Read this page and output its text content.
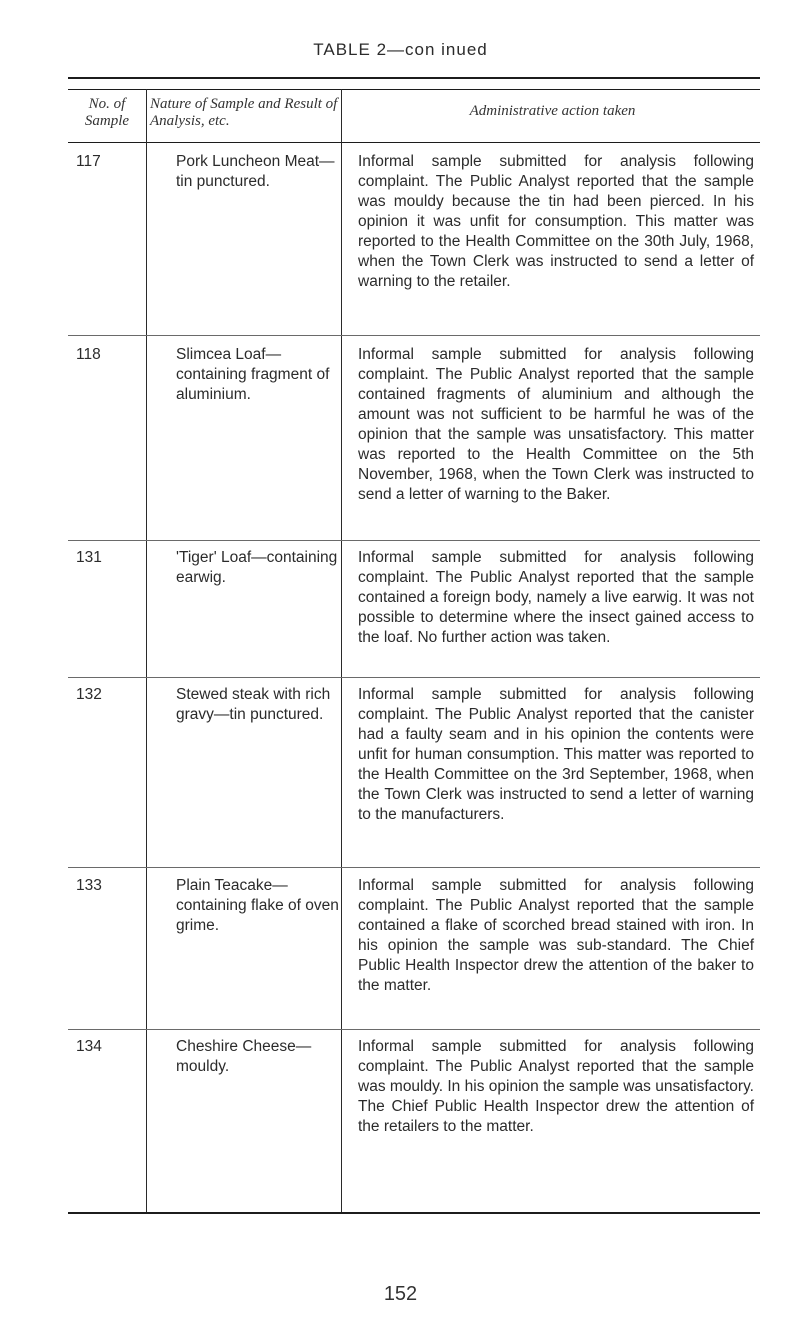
TABLE 2—con inued
No. of Sample
Nature of Sample and Result of Analysis, etc.
Administrative action taken
117	Pork Luncheon Meat—tin punctured.
Informal sample submitted for analysis following complaint. The Public Analyst reported that the sample was mouldy because the tin had been pierced. In his opinion it was unfit for consumption. This matter was reported to the Health Committee on the 30th July, 1968, when the Town Clerk was instructed to send a letter of warning to the retailer.
118	Slimcea Loaf—containing fragment of aluminium.
Informal sample submitted for analysis following complaint. The Public Analyst reported that the sample contained fragments of aluminium and although the amount was not sufficient to be harmful he was of the opinion that the sample was unsatisfactory. This matter was reported to the Health Committee on the 5th November, 1968, when the Town Clerk was instructed to send a letter of warning to the Baker.
131	'Tiger' Loaf—containing earwig.
Informal sample submitted for analysis following complaint. The Public Analyst reported that the sample contained a foreign body, namely a live earwig. It was not possible to determine where the insect gained access to the loaf. No further action was taken.
132	Stewed steak with rich gravy—tin punctured.
Informal sample submitted for analysis following complaint. The Public Analyst reported that the canister had a faulty seam and in his opinion the contents were unfit for human consumption. This matter was reported to the Health Committee on the 3rd September, 1968, when the Town Clerk was instructed to send a letter of warning to the manufacturers.
133	Plain Teacake—containing flake of oven grime.
Informal sample submitted for analysis following complaint. The Public Analyst reported that the sample contained a flake of scorched bread stained with iron. In his opinion the sample was sub-standard. The Chief Public Health Inspector drew the attention of the baker to the matter.
134	Cheshire Cheese—mouldy.
Informal sample submitted for analysis following complaint. The Public Analyst reported that the sample was mouldy. In his opinion the sample was unsatisfactory. The Chief Public Health Inspector drew the attention of the retailers to the matter.
152
